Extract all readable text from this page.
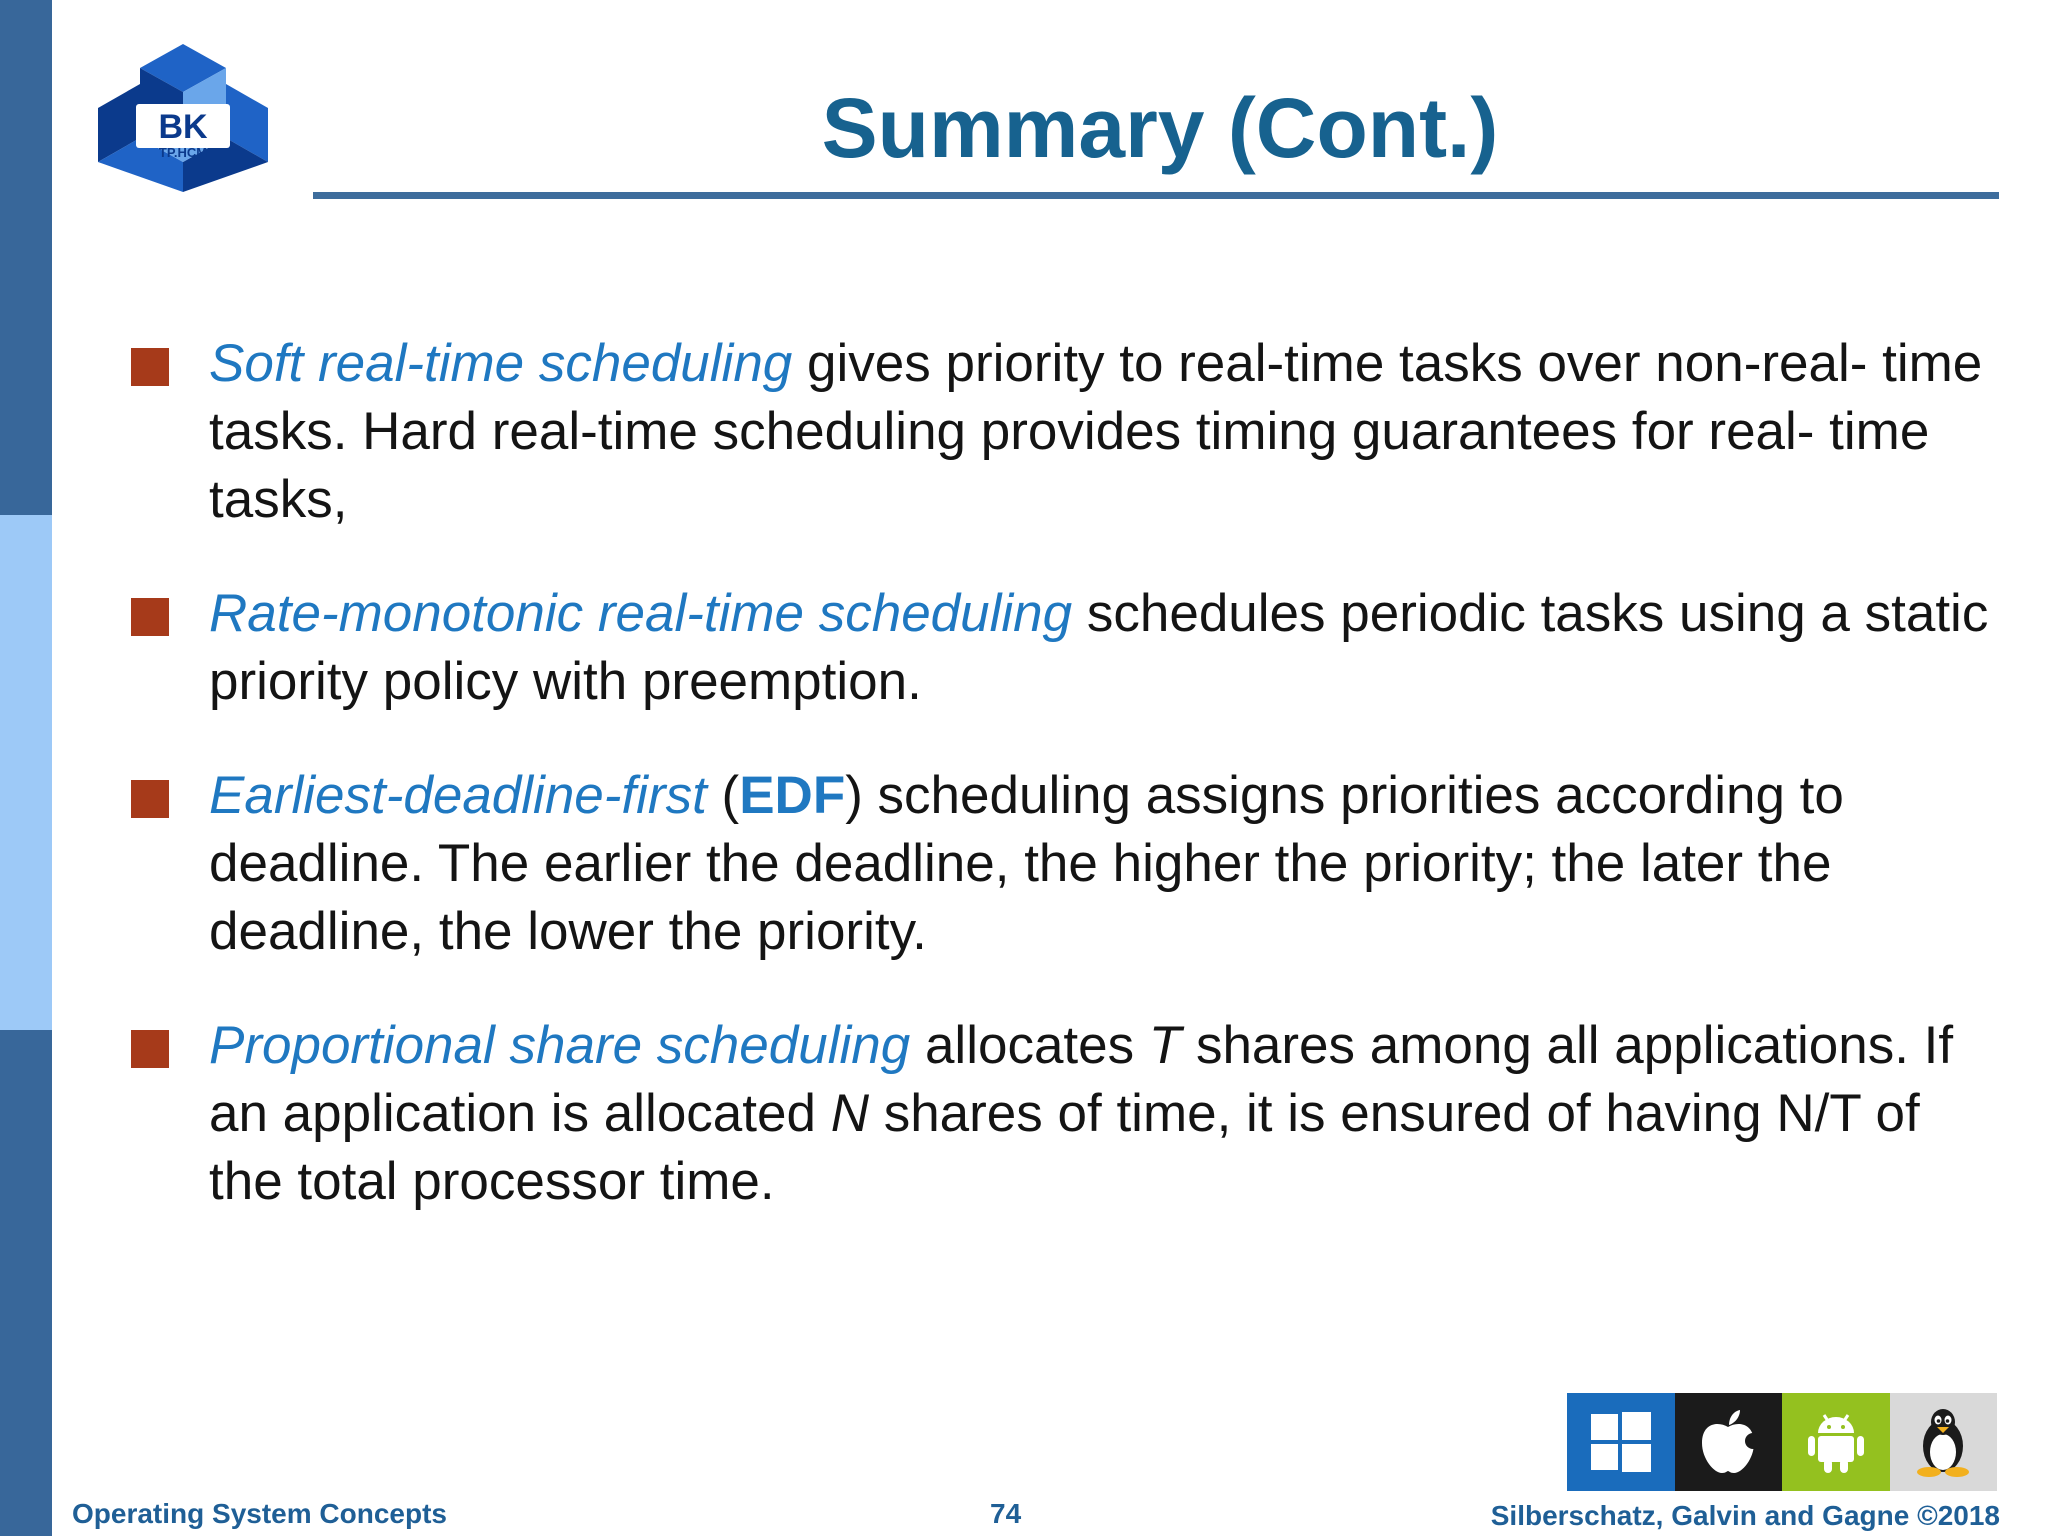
BK
TP.HCM	Summary (Cont.)
Soft real-time scheduling gives priority to real-time tasks over non-real- time tasks. Hard real-time scheduling provides timing guarantees for real- time tasks,
Rate-monotonic real-time scheduling schedules periodic tasks using a static priority policy with preemption.
Earliest-deadline-first (EDF) scheduling assigns priorities according to deadline. The earlier the deadline, the higher the priority; the later the deadline, the lower the priority.
Proportional share scheduling allocates T shares among all applications. If an application is allocated N shares of time, it is ensured of having N/T of the total processor time.
Operating System Concepts	74	Silberschatz, Galvin and Gagne ©2018
